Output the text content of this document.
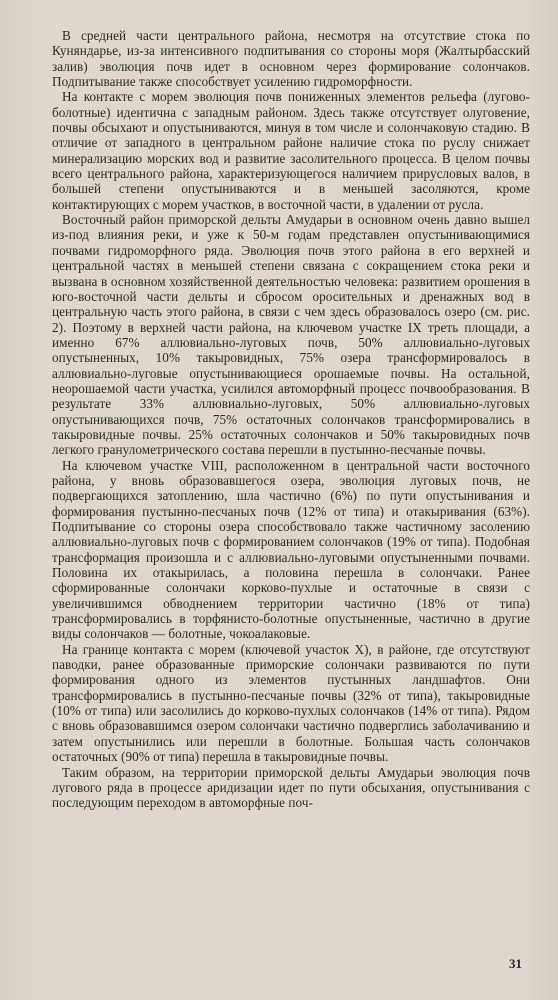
В средней части центрального района, несмотря на отсутствие стока по Куняндарье, из-за интенсивного подпитывания со стороны моря (Жалтырбасский залив) эволюция почв идет в основном через формирование солончаков. Подпитывание также способствует усилению гидроморфности.

На контакте с морем эволюция почв пониженных элементов рельефа (лугово-болотные) идентична с западным районом. Здесь также отсутствует олуговение, почвы обсыхают и опустыниваются, минуя в том числе и солончаковую стадию. В отличие от западного в центральном районе наличие стока по руслу снижает минерализацию морских вод и развитие засолительного процесса. В целом почвы всего центрального района, характеризующегося наличием прирусловых валов, в большей степени опустыниваются и в меньшей засоляются, кроме контактирующих с морем участков, в восточной части, в удалении от русла.

Восточный район приморской дельты Амударьи в основном очень давно вышел из-под влияния реки, и уже к 50-м годам представлен опустынивающимися почвами гидроморфного ряда. Эволюция почв этого района в его верхней и центральной частях в меньшей степени связана с сокращением стока реки и вызвана в основном хозяйственной деятельностью человека: развитием орошения в юго-восточной части дельты и сбросом оросительных и дренажных вод в центральную часть этого района, в связи с чем здесь образовалось озеро (см. рис. 2). Поэтому в верхней части района, на ключевом участке IX треть площади, а именно 67% аллювиально-луговых почв, 50% аллювиально-луговых опустыненных, 10% такыровидных, 75% озера трансформировалось в аллювиально-луговые опустынивающиеся орошаемые почвы. На остальной, неорошаемой части участка, усилился автоморфный процесс почвообразования. В результате 33% аллювиально-луговых, 50% аллювиально-луговых опустынивающихся почв, 75% остаточных солончаков трансформировались в такыровидные почвы. 25% остаточных солончаков и 50% такыровидных почв легкого гранулометрического состава перешли в пустынно-песчаные почвы.

На ключевом участке VIII, расположенном в центральной части восточного района, у вновь образовавшегося озера, эволюция луговых почв, не подвергающихся затоплению, шла частично (6%) по пути опустынивания и формирования пустынно-песчаных почв (12% от типа) и отакыривания (63%). Подпитывание со стороны озера способствовало также частичному засолению аллювиально-луговых почв с формированием солончаков (19% от типа). Подобная трансформация произошла и с аллювиально-луговыми опустыненными почвами. Половина их отакырилась, а половина перешла в солончаки. Ранее сформированные солончаки корково-пухлые и остаточные в связи с увеличившимся обводнением территории частично (18% от типа) трансформировались в торфянисто-болотные опустыненные, частично в другие виды солончаков — болотные, чокоалаковые.

На границе контакта с морем (ключевой участок X), в районе, где отсутствуют паводки, ранее образованные приморские солончаки развиваются по пути формирования одного из элементов пустынных ландшафтов. Они трансформировались в пустынно-песчаные почвы (32% от типа), такыровидные (10% от типа) или засолились до корково-пухлых солончаков (14% от типа). Рядом с вновь образовавшимся озером солончаки частично подверглись заболачиванию и затем опустынились или перешли в болотные. Большая часть солончаков остаточных (90% от типа) перешла в такыровидные почвы.

Таким образом, на территории приморской дельты Амударьи эволюция почв лугового ряда в процессе аридизации идет по пути обсыхания, опустынивания с последующим переходом в автоморфные поч-

31
